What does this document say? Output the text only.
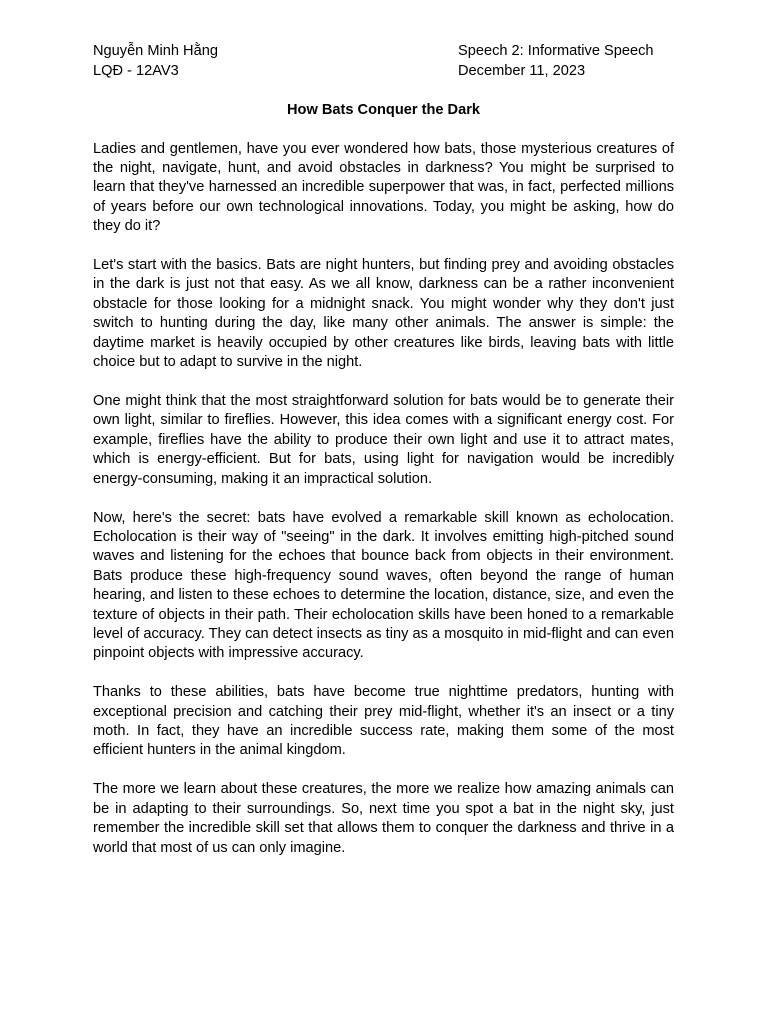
Nguyễn Minh Hằng
LQĐ - 12AV3
Speech 2: Informative Speech
December 11, 2023
How Bats Conquer the Dark

Ladies and gentlemen, have you ever wondered how bats, those mysterious creatures of the night, navigate, hunt, and avoid obstacles in darkness? You might be surprised to learn that they've harnessed an incredible superpower that was, in fact, perfected millions of years before our own technological innovations. Today, you might be asking, how do they do it?

Let's start with the basics. Bats are night hunters, but finding prey and avoiding obstacles in the dark is just not that easy. As we all know, darkness can be a rather inconvenient obstacle for those looking for a midnight snack. You might wonder why they don't just switch to hunting during the day, like many other animals. The answer is simple: the daytime market is heavily occupied by other creatures like birds, leaving bats with little choice but to adapt to survive in the night.

One might think that the most straightforward solution for bats would be to generate their own light, similar to fireflies. However, this idea comes with a significant energy cost. For example, fireflies have the ability to produce their own light and use it to attract mates, which is energy-efficient. But for bats, using light for navigation would be incredibly energy-consuming, making it an impractical solution.

Now, here's the secret: bats have evolved a remarkable skill known as echolocation. Echolocation is their way of "seeing" in the dark. It involves emitting high-pitched sound waves and listening for the echoes that bounce back from objects in their environment. Bats produce these high-frequency sound waves, often beyond the range of human hearing, and listen to these echoes to determine the location, distance, size, and even the texture of objects in their path. Their echolocation skills have been honed to a remarkable level of accuracy. They can detect insects as tiny as a mosquito in mid-flight and can even pinpoint objects with impressive accuracy.

Thanks to these abilities, bats have become true nighttime predators, hunting with exceptional precision and catching their prey mid-flight, whether it's an insect or a tiny moth. In fact, they have an incredible success rate, making them some of the most efficient hunters in the animal kingdom.

The more we learn about these creatures, the more we realize how amazing animals can be in adapting to their surroundings. So, next time you spot a bat in the night sky, just remember the incredible skill set that allows them to conquer the darkness and thrive in a world that most of us can only imagine.
